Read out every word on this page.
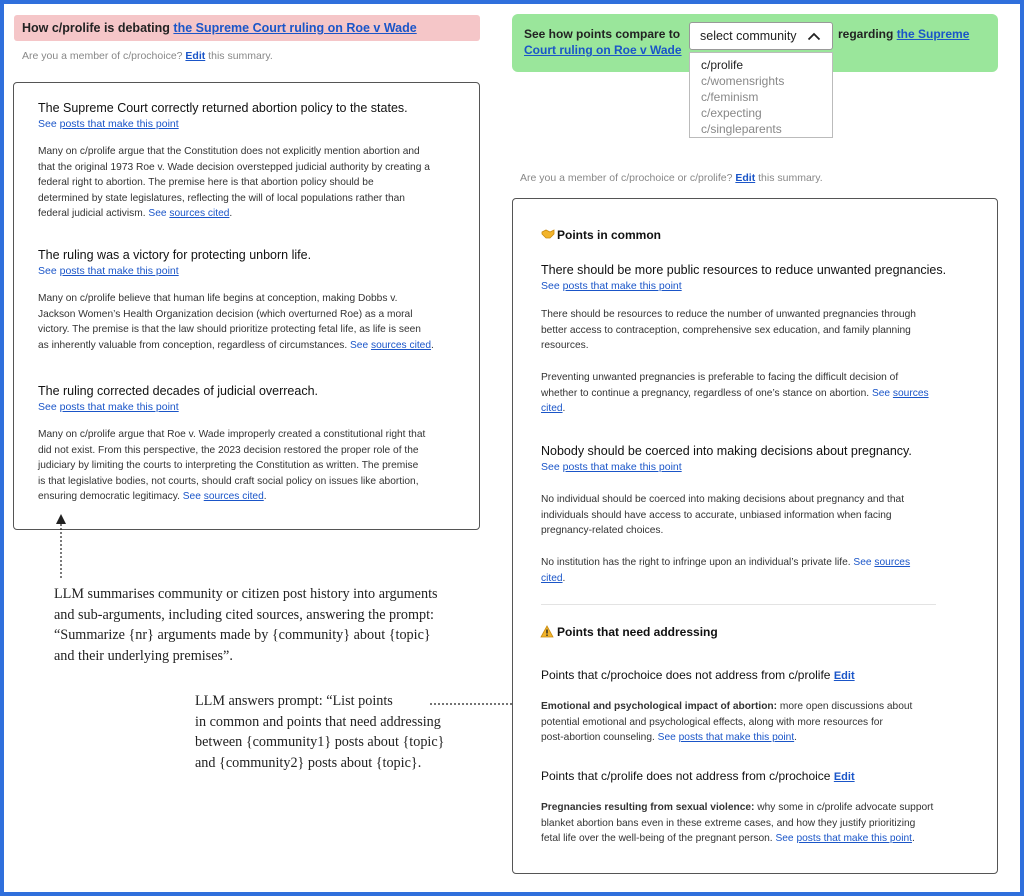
How c/prolife is debating the Supreme Court ruling on Roe v Wade
Are you a member of c/prochoice? Edit this summary.
The Supreme Court correctly returned abortion policy to the states.
See posts that make this point
Many on c/prolife argue that the Constitution does not explicitly mention abortion and
that the original 1973 Roe v. Wade decision overstepped judicial authority by creating a
federal right to abortion. The premise here is that abortion policy should be
determined by state legislatures, reflecting the will of local populations rather than
federal judicial activism. See sources cited.
The ruling was a victory for protecting unborn life.
See posts that make this point
Many on c/prolife believe that human life begins at conception, making Dobbs v.
Jackson Women’s Health Organization decision (which overturned Roe) as a moral
victory. The premise is that the law should prioritize protecting fetal life, as life is seen
as inherently valuable from conception, regardless of circumstances. See sources cited.
The ruling corrected decades of judicial overreach.
See posts that make this point
Many on c/prolife argue that Roe v. Wade improperly created a constitutional right that
did not exist. From this perspective, the 2023 decision restored the proper role of the
judiciary by limiting the courts to interpreting the Constitution as written. The premise
is that legislative bodies, not courts, should craft social policy on issues like abortion,
ensuring democratic legitimacy. See sources cited.
LLM summarises community or citizen post history into arguments
and sub-arguments, including cited sources, answering the prompt:
“Summarize {nr} arguments made by {community} about {topic}
and their underlying premises”.
LLM answers prompt: “List points
in common and points that need addressing
between {community1} posts about {topic}
and {community2} posts about {topic}.
See how points compare to	regarding the Supreme
Court ruling on Roe v Wade
select community
c/prolife
c/womensrights
c/feminism
c/expecting
c/singleparents
Are you a member of c/prochoice or c/prolife? Edit this summary.
Points in common
There should be more public resources to reduce unwanted pregnancies.
See posts that make this point
There should be resources to reduce the number of unwanted pregnancies through
better access to contraception, comprehensive sex education, and family planning
resources.
Preventing unwanted pregnancies is preferable to facing the difficult decision of
whether to continue a pregnancy, regardless of one’s stance on abortion. See sources
cited.
Nobody should be coerced into making decisions about pregnancy.
See posts that make this point
No individual should be coerced into making decisions about pregnancy and that
individuals should have access to accurate, unbiased information when facing
pregnancy-related choices.
No institution has the right to infringe upon an individual’s private life. See sources
cited.
Points that need addressing
Points that c/prochoice does not address from c/prolife Edit
Emotional and psychological impact of abortion: more open discussions about
potential emotional and psychological effects, along with more resources for
post-abortion counseling. See posts that make this point.
Points that c/prolife does not address from c/prochoice Edit
Pregnancies resulting from sexual violence: why some in c/prolife advocate support
blanket abortion bans even in these extreme cases, and how they justify prioritizing
fetal life over the well-being of the pregnant person. See posts that make this point.
